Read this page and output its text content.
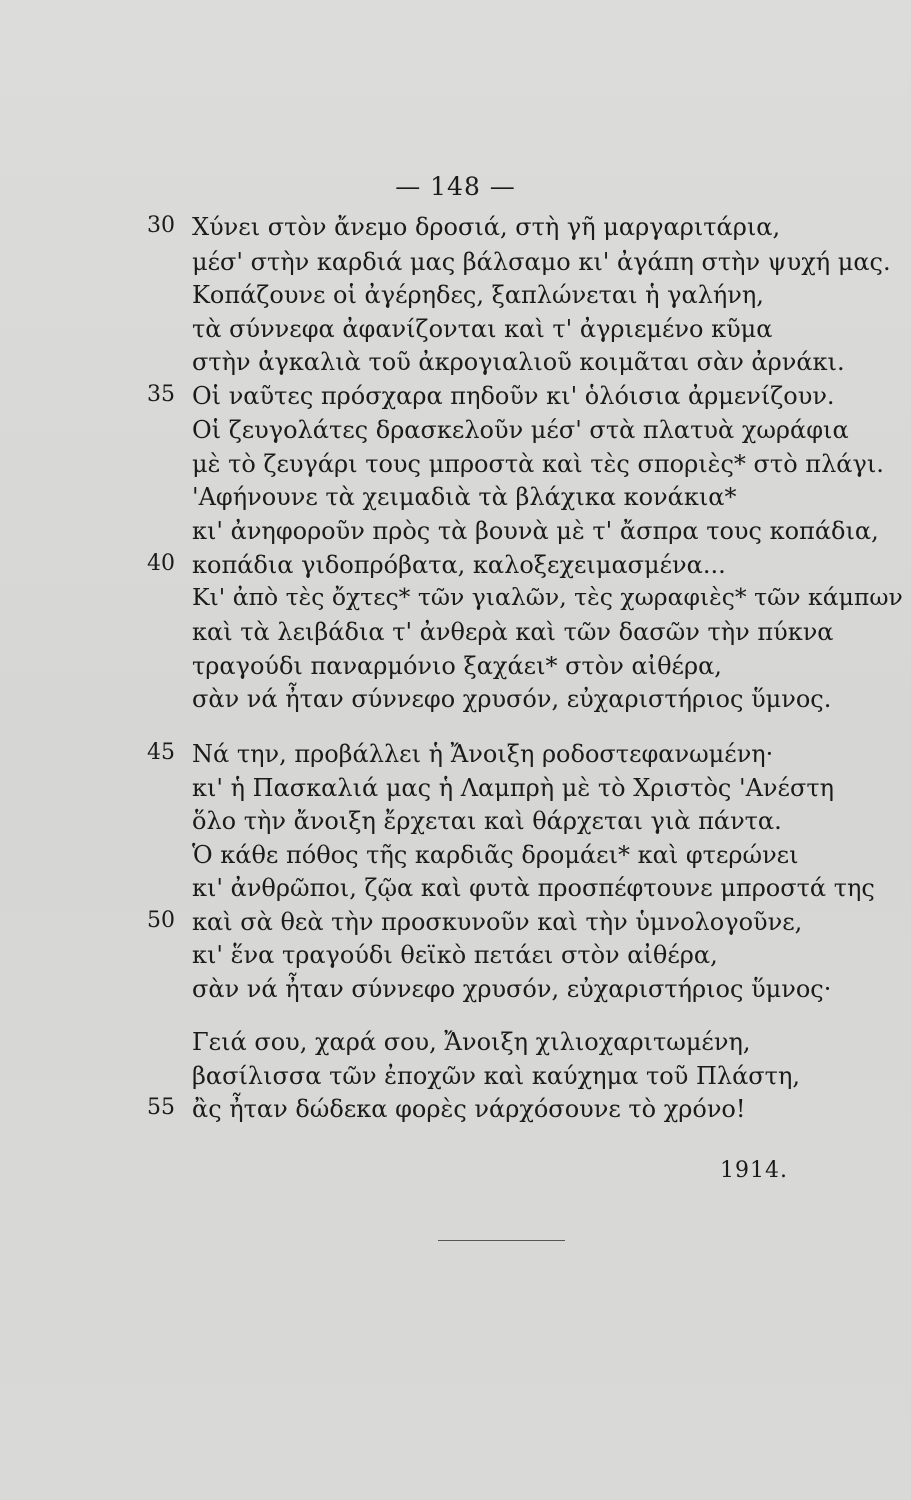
— 148 —
30 Χύνει στὸν ἄνεμο δροσιά, στὴ γῆ μαργαριτάρια,
μέσ' στὴν καρδιά μας βάλσαμο κι' ἀγάπη στὴν ψυχή μας.
Κοπάζουνε οἱ ἀγέρηδες, ξαπλώνεται ἡ γαλήνη,
τὰ σύννεφα ἀφανίζονται καὶ τ' ἀγριεμένο κῦμα
στὴν ἀγκαλιὰ τοῦ ἀκρογιαλιοῦ κοιμᾶται σὰν ἀρνάκι.
35 Οἱ ναῦτες πρόσχαρα πηδοῦν κι' ὁλόισια ἀρμενίζουν.
Οἱ ζευγολάτες δρασκελοῦν μέσ' στὰ πλατυὰ χωράφια
μὲ τὸ ζευγάρι τους μπροστὰ καὶ τὲς σποριὲς* στὸ πλάγι.
'Αφήνουνε τὰ χειμαδιὰ τὰ βλάχικα κονάκια*
κι' ἀνηφοροῦν πρὸς τὰ βουνὰ μὲ τ' ἄσπρα τους κοπάδια,
40 κοπάδια γιδοπρόβατα, καλοξεχειμασμένα...
Κι' ἀπὸ τὲς ὄχτες* τῶν γιαλῶν, τὲς χωραφιὲς* τῶν κάμπων
καὶ τὰ λειβάδια τ' ἀνθερὰ καὶ τῶν δασῶν τὴν πύκνα
τραγούδι παναρμόνιο ξαχάει* στὸν αἰθέρα,
σὰν νά ἦταν σύννεφο χρυσόν, εὐχαριστήριος ὕμνος.
45 Νά την, προβάλλει ἡ Ἄνοιξη ροδοστεφανωμένη·
κι' ἡ Πασκαλιά μας ἡ Λαμπρὴ μὲ τὸ Χριστὸς 'Ανέστη
ὅλο τὴν ἄνοιξη ἔρχεται καὶ θάρχεται γιὰ πάντα.
Ὁ κάθε πόθος τῆς καρδιᾶς δρομάει* καὶ φτερώνει
κι' ἀνθρῶποι, ζῷα καὶ φυτὰ προσπέφτουνε μπροστά της
50 καὶ σὰ θεὰ τὴν προσκυνοῦν καὶ τὴν ὑμνολογοῦνε,
κι' ἕνα τραγούδι θεϊκὸ πετάει στὸν αἰθέρα,
σὰν νά ἦταν σύννεφο χρυσόν, εὐχαριστήριος ὕμνος·
Γειά σου, χαρά σου, Ἄνοιξη χιλιοχαριτωμένη,
βασίλισσα τῶν ἐποχῶν καὶ καύχημα τοῦ Πλάστη,
55 ἂς ἦταν δώδεκα φορὲς νάρχόσουνε τὸ χρόνο!
1914.
